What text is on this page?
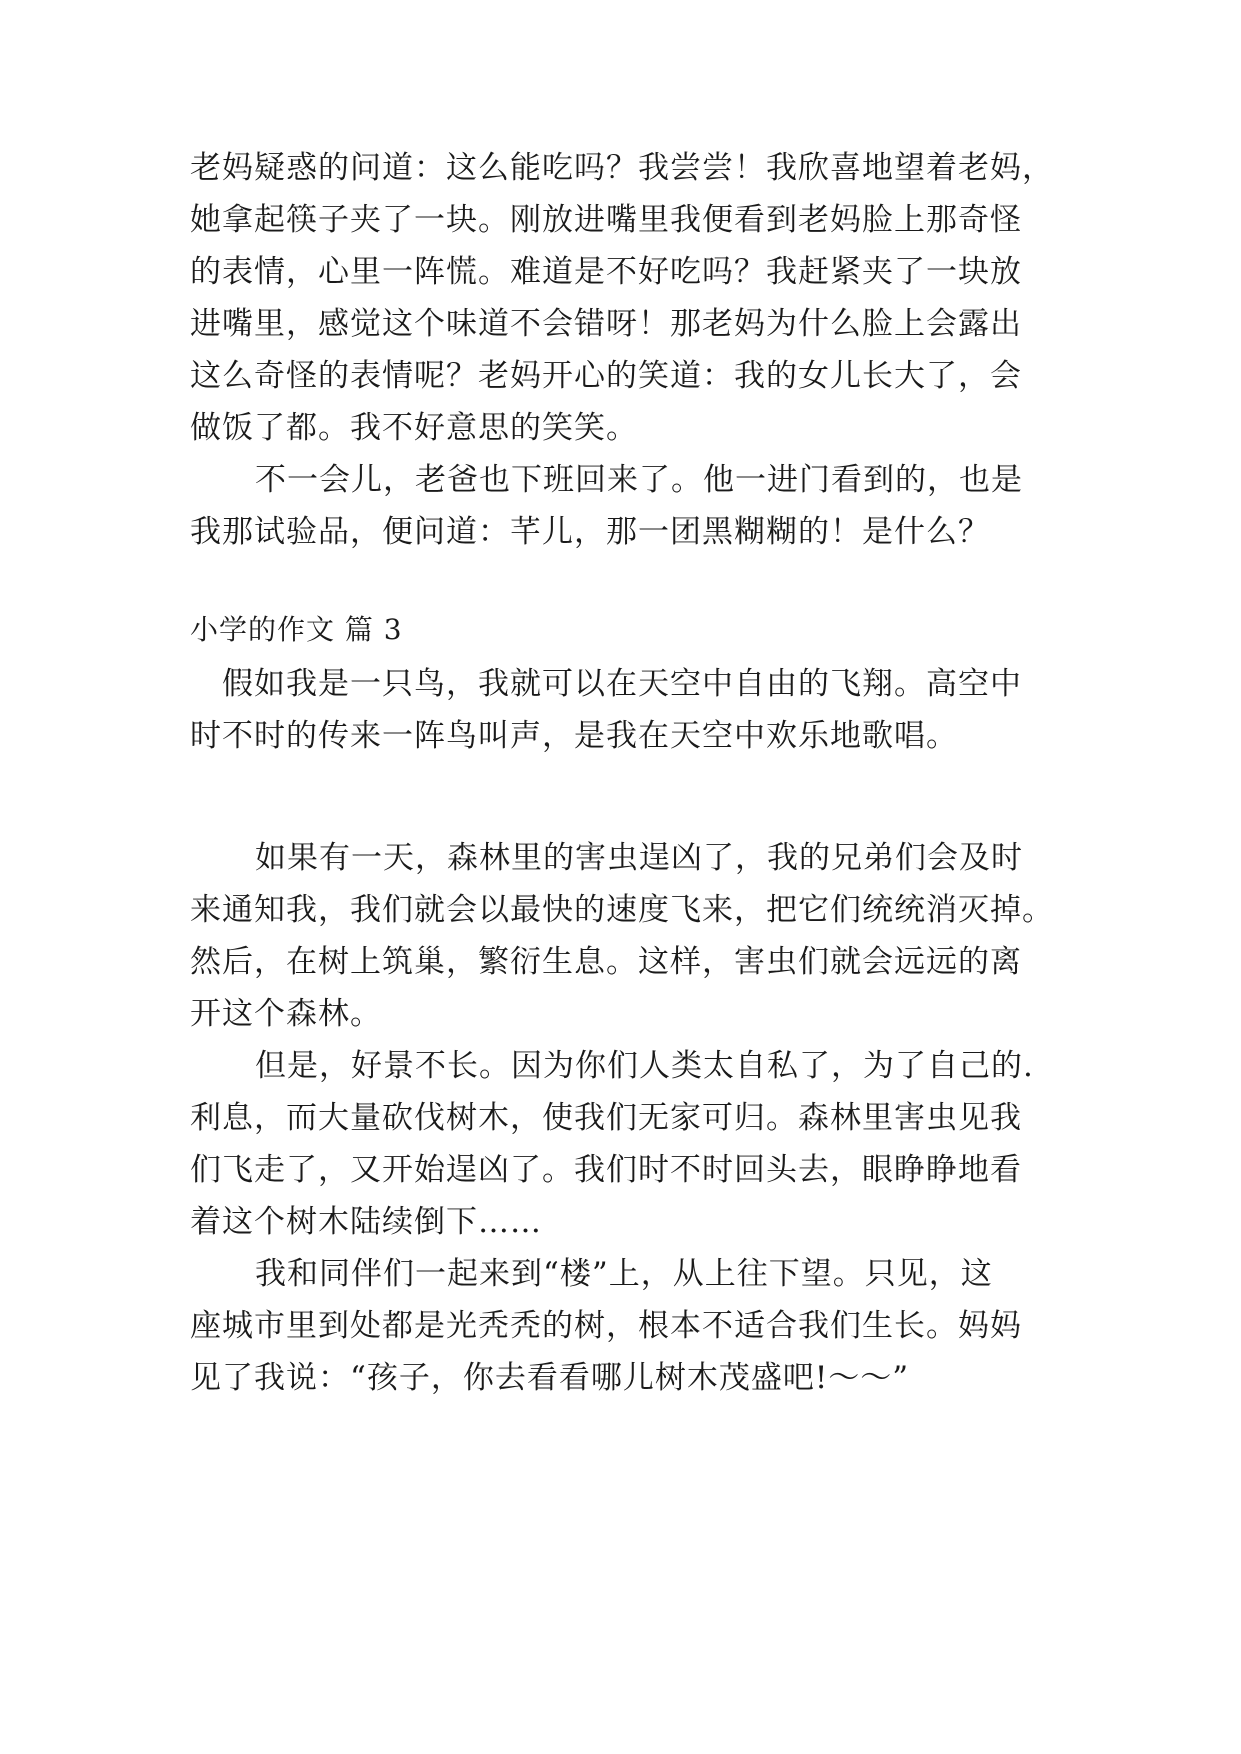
老妈疑惑的问道：这么能吃吗？我尝尝！我欣喜地望着老妈，
她拿起筷子夹了一块。刚放进嘴里我便看到老妈脸上那奇怪
的表情，心里一阵慌。难道是不好吃吗？我赶紧夹了一块放
进嘴里，感觉这个味道不会错呀！那老妈为什么脸上会露出
这么奇怪的表情呢？老妈开心的笑道：我的女儿长大了，会
做饭了都。我不好意思的笑笑。
不一会儿，老爸也下班回来了。他一进门看到的，也是
我那试验品，便问道：芊儿，那一团黑糊糊的！是什么？
小学的作文 篇 3
假如我是一只鸟，我就可以在天空中自由的飞翔。高空中
时不时的传来一阵鸟叫声，是我在天空中欢乐地歌唱。
如果有一天，森林里的害虫逞凶了，我的兄弟们会及时
来通知我，我们就会以最快的速度飞来，把它们统统消灭掉。
然后，在树上筑巢，繁衍生息。这样，害虫们就会远远的离
开这个森林。
但是，好景不长。因为你们人类太自私了，为了自己的.
利息，而大量砍伐树木，使我们无家可归。森林里害虫见我
们飞走了，又开始逞凶了。我们时不时回头去，眼睁睁地看
着这个树木陆续倒下……
我和同伴们一起来到“楼”上，从上往下望。只见，这
座城市里到处都是光秃秃的树，根本不适合我们生长。妈妈
见了我说：“孩子，你去看看哪儿树木茂盛吧!～～”
